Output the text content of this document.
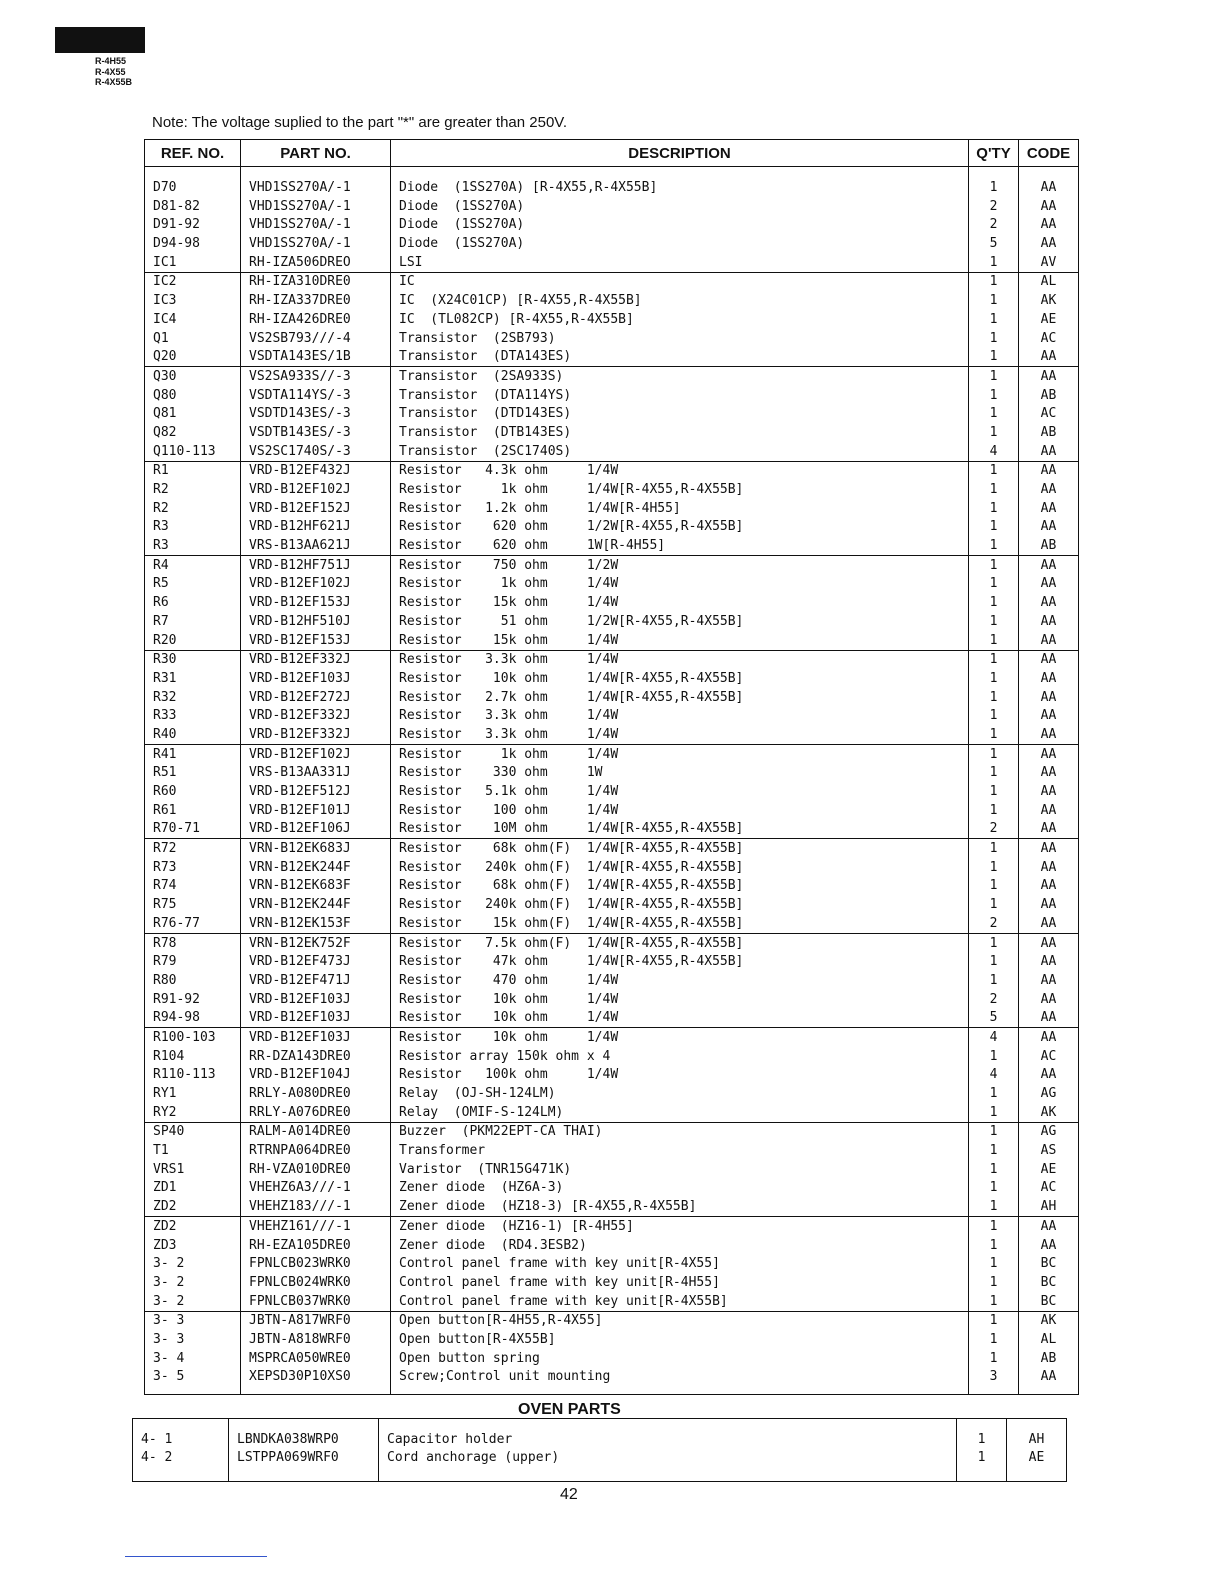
R-4H55
R-4X55
R-4X55B
Note: The voltage suplied to the part "*" are greater than 250V.
REF. NO.	PART NO.	DESCRIPTION	Q'TY	CODE
D70	VHD1SS270A/-1	Diode  (1SS270A) [R-4X55,R-4X55B]	1	AA
D81-82	VHD1SS270A/-1	Diode  (1SS270A)	2	AA
D91-92	VHD1SS270A/-1	Diode  (1SS270A)	2	AA
D94-98	VHD1SS270A/-1	Diode  (1SS270A)	5	AA
IC1	RH-IZA506DREO	LSI	1	AV
IC2	RH-IZA310DRE0	IC	1	AL
IC3	RH-IZA337DRE0	IC  (X24C01CP) [R-4X55,R-4X55B]	1	AK
IC4	RH-IZA426DRE0	IC  (TL082CP) [R-4X55,R-4X55B]	1	AE
Q1	VS2SB793///-4	Transistor  (2SB793)	1	AC
Q20	VSDTA143ES/1B	Transistor  (DTA143ES)	1	AA
Q30	VS2SA933S//-3	Transistor  (2SA933S)	1	AA
Q80	VSDTA114YS/-3	Transistor  (DTA114YS)	1	AB
Q81	VSDTD143ES/-3	Transistor  (DTD143ES)	1	AC
Q82	VSDTB143ES/-3	Transistor  (DTB143ES)	1	AB
Q110-113	VS2SC1740S/-3	Transistor  (2SC1740S)	4	AA
R1	VRD-B12EF432J	Resistor   4.3k ohm     1/4W	1	AA
R2	VRD-B12EF102J	Resistor     1k ohm     1/4W[R-4X55,R-4X55B]	1	AA
R2	VRD-B12EF152J	Resistor   1.2k ohm     1/4W[R-4H55]	1	AA
R3	VRD-B12HF621J	Resistor    620 ohm     1/2W[R-4X55,R-4X55B]	1	AA
R3	VRS-B13AA621J	Resistor    620 ohm     1W[R-4H55]	1	AB
R4	VRD-B12HF751J	Resistor    750 ohm     1/2W	1	AA
R5	VRD-B12EF102J	Resistor     1k ohm     1/4W	1	AA
R6	VRD-B12EF153J	Resistor    15k ohm     1/4W	1	AA
R7	VRD-B12HF510J	Resistor     51 ohm     1/2W[R-4X55,R-4X55B]	1	AA
R20	VRD-B12EF153J	Resistor    15k ohm     1/4W	1	AA
R30	VRD-B12EF332J	Resistor   3.3k ohm     1/4W	1	AA
R31	VRD-B12EF103J	Resistor    10k ohm     1/4W[R-4X55,R-4X55B]	1	AA
R32	VRD-B12EF272J	Resistor   2.7k ohm     1/4W[R-4X55,R-4X55B]	1	AA
R33	VRD-B12EF332J	Resistor   3.3k ohm     1/4W	1	AA
R40	VRD-B12EF332J	Resistor   3.3k ohm     1/4W	1	AA
R41	VRD-B12EF102J	Resistor     1k ohm     1/4W	1	AA
R51	VRS-B13AA331J	Resistor    330 ohm     1W	1	AA
R60	VRD-B12EF512J	Resistor   5.1k ohm     1/4W	1	AA
R61	VRD-B12EF101J	Resistor    100 ohm     1/4W	1	AA
R70-71	VRD-B12EF106J	Resistor    10M ohm     1/4W[R-4X55,R-4X55B]	2	AA
R72	VRN-B12EK683J	Resistor    68k ohm(F)  1/4W[R-4X55,R-4X55B]	1	AA
R73	VRN-B12EK244F	Resistor   240k ohm(F)  1/4W[R-4X55,R-4X55B]	1	AA
R74	VRN-B12EK683F	Resistor    68k ohm(F)  1/4W[R-4X55,R-4X55B]	1	AA
R75	VRN-B12EK244F	Resistor   240k ohm(F)  1/4W[R-4X55,R-4X55B]	1	AA
R76-77	VRN-B12EK153F	Resistor    15k ohm(F)  1/4W[R-4X55,R-4X55B]	2	AA
R78	VRN-B12EK752F	Resistor   7.5k ohm(F)  1/4W[R-4X55,R-4X55B]	1	AA
R79	VRD-B12EF473J	Resistor    47k ohm     1/4W[R-4X55,R-4X55B]	1	AA
R80	VRD-B12EF471J	Resistor    470 ohm     1/4W	1	AA
R91-92	VRD-B12EF103J	Resistor    10k ohm     1/4W	2	AA
R94-98	VRD-B12EF103J	Resistor    10k ohm     1/4W	5	AA
R100-103	VRD-B12EF103J	Resistor    10k ohm     1/4W	4	AA
R104	RR-DZA143DRE0	Resistor array 150k ohm x 4	1	AC
R110-113	VRD-B12EF104J	Resistor   100k ohm     1/4W	4	AA
RY1	RRLY-A080DRE0	Relay  (OJ-SH-124LM)	1	AG
RY2	RRLY-A076DRE0	Relay  (OMIF-S-124LM)	1	AK
SP40	RALM-A014DRE0	Buzzer  (PKM22EPT-CA THAI)	1	AG
T1	RTRNPA064DRE0	Transformer	1	AS
VRS1	RH-VZA010DRE0	Varistor  (TNR15G471K)	1	AE
ZD1	VHEHZ6A3///-1	Zener diode  (HZ6A-3)	1	AC
ZD2	VHEHZ183///-1	Zener diode  (HZ18-3) [R-4X55,R-4X55B]	1	AH
ZD2	VHEHZ161///-1	Zener diode  (HZ16-1) [R-4H55]	1	AA
ZD3	RH-EZA105DRE0	Zener diode  (RD4.3ESB2)	1	AA
3- 2	FPNLCB023WRK0	Control panel frame with key unit[R-4X55]	1	BC
3- 2	FPNLCB024WRK0	Control panel frame with key unit[R-4H55]	1	BC
3- 2	FPNLCB037WRK0	Control panel frame with key unit[R-4X55B]	1	BC
3- 3	JBTN-A817WRF0	Open button[R-4H55,R-4X55]	1	AK
3- 3	JBTN-A818WRF0	Open button[R-4X55B]	1	AL
3- 4	MSPRCA050WRE0	Open button spring	1	AB
3- 5	XEPSD30P10XS0	Screw;Control unit mounting	3	AA
OVEN PARTS
4- 1	LBNDKA038WRP0	Capacitor holder	1	AH
4- 2	LSTPPA069WRF0	Cord anchorage (upper)	1	AE
42
